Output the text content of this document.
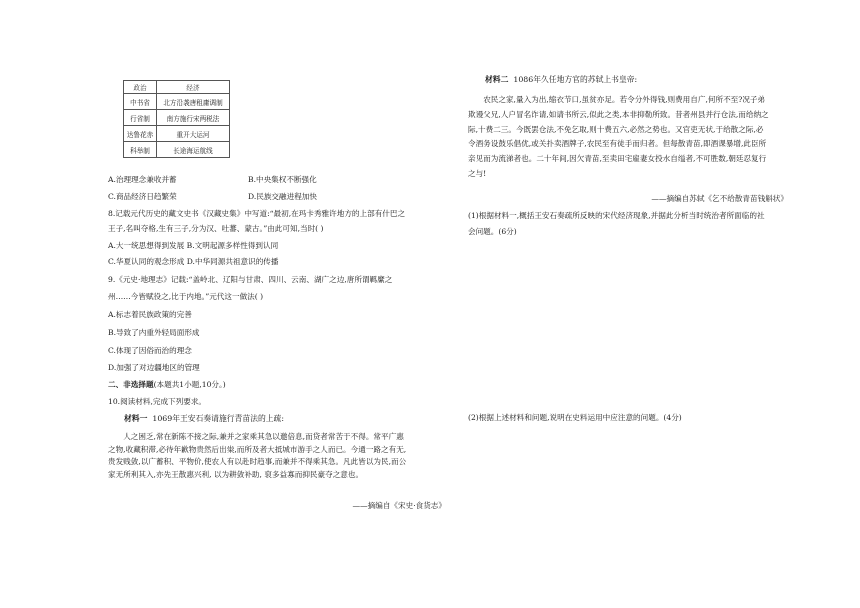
政治	经济
中书省	北方沿袭唐租庸调制
行省制	南方施行宋两税法
达鲁花赤	重开大运河
科举制	长途海运航线
A.治理理念兼收并蓄	B.中央集权不断强化
C.商品经济日趋繁荣	D.民族交融进程加快
8.记载元代历史的藏文史书《汉藏史集》中写道:“最初,在玛卡秀雅许地方的上部有什巴之
王子,名叫夺格,生有三子,分为汉、吐蕃、蒙古。”由此可知,当时( )
A.大一统思想得到发展 B.文明起源多样性得到认同
C.华夏认同的观念形成 D.中华同源共祖意识的传播
9.《元史·地理志》记载:“盖岭北、辽阳与甘肃、四川、云南、湖广之边,唐所谓羁縻之
州……今皆赋役之,比于内地。”元代这一做法( )
A.标志着民族政策的完善
B.导致了内重外轻局面形成
C.体现了因俗而治的理念
D.加强了对边疆地区的管理
二、非选择题(本题共1小题,10分。)
10.阅读材料,完成下列要求。
材料一 1069年王安石奏请施行青苗法的上疏:
人之困乏,常在新陈不接之际,兼并之家乘其急以邀倍息,而贷者常苦于不得。常平广惠
之物,收藏积滞,必待年歉物贵然后出粜,而所及者大抵城市游手之人而已。今通一路之有无,
贵发贱敛,以广蓄积、平物价,使农人有以赴时趋事,而兼并不得乘其急。凡此皆以为民,而公
家无所利其入,亦先王散惠兴利, 以为耕敛补助, 裒多益寡而抑民豪夺之意也。
——摘编自《宋史·食货志》
材料二 1086年久任地方官的苏轼上书皇帝:
农民之家,量入为出,缩衣节口,虽贫亦足。若令分外得钱,则费用自广,何所不至?况子弟
欺谩父兄,人户冒名诈请,如请书所云,似此之类,本非抑勒所致。昔者州县并行仓法,而给纳之
际,十费二三。今既罢仓法,不免乞取,则十费五六,必然之势也。又官吏无状,于给散之际,必
令酒务设鼓乐倡优,或关扑卖酒牌子,农民至有徒手而归者。但每散青苗,即酒课暴增,此臣所
亲见而为流涕者也。二十年间,因欠青苗,至卖田宅雇妻女投水自缢者,不可胜数,朝廷忍复行
之与!
——摘编自苏轼《乞不给散青苗钱斛状》
(1)根据材料一,概括王安石奏疏所反映的宋代经济现象,并据此分析当时统治者所面临的社
会问题。(6分)
(2)根据上述材料和问题,说明在史料运用中应注意的问题。(4分)
